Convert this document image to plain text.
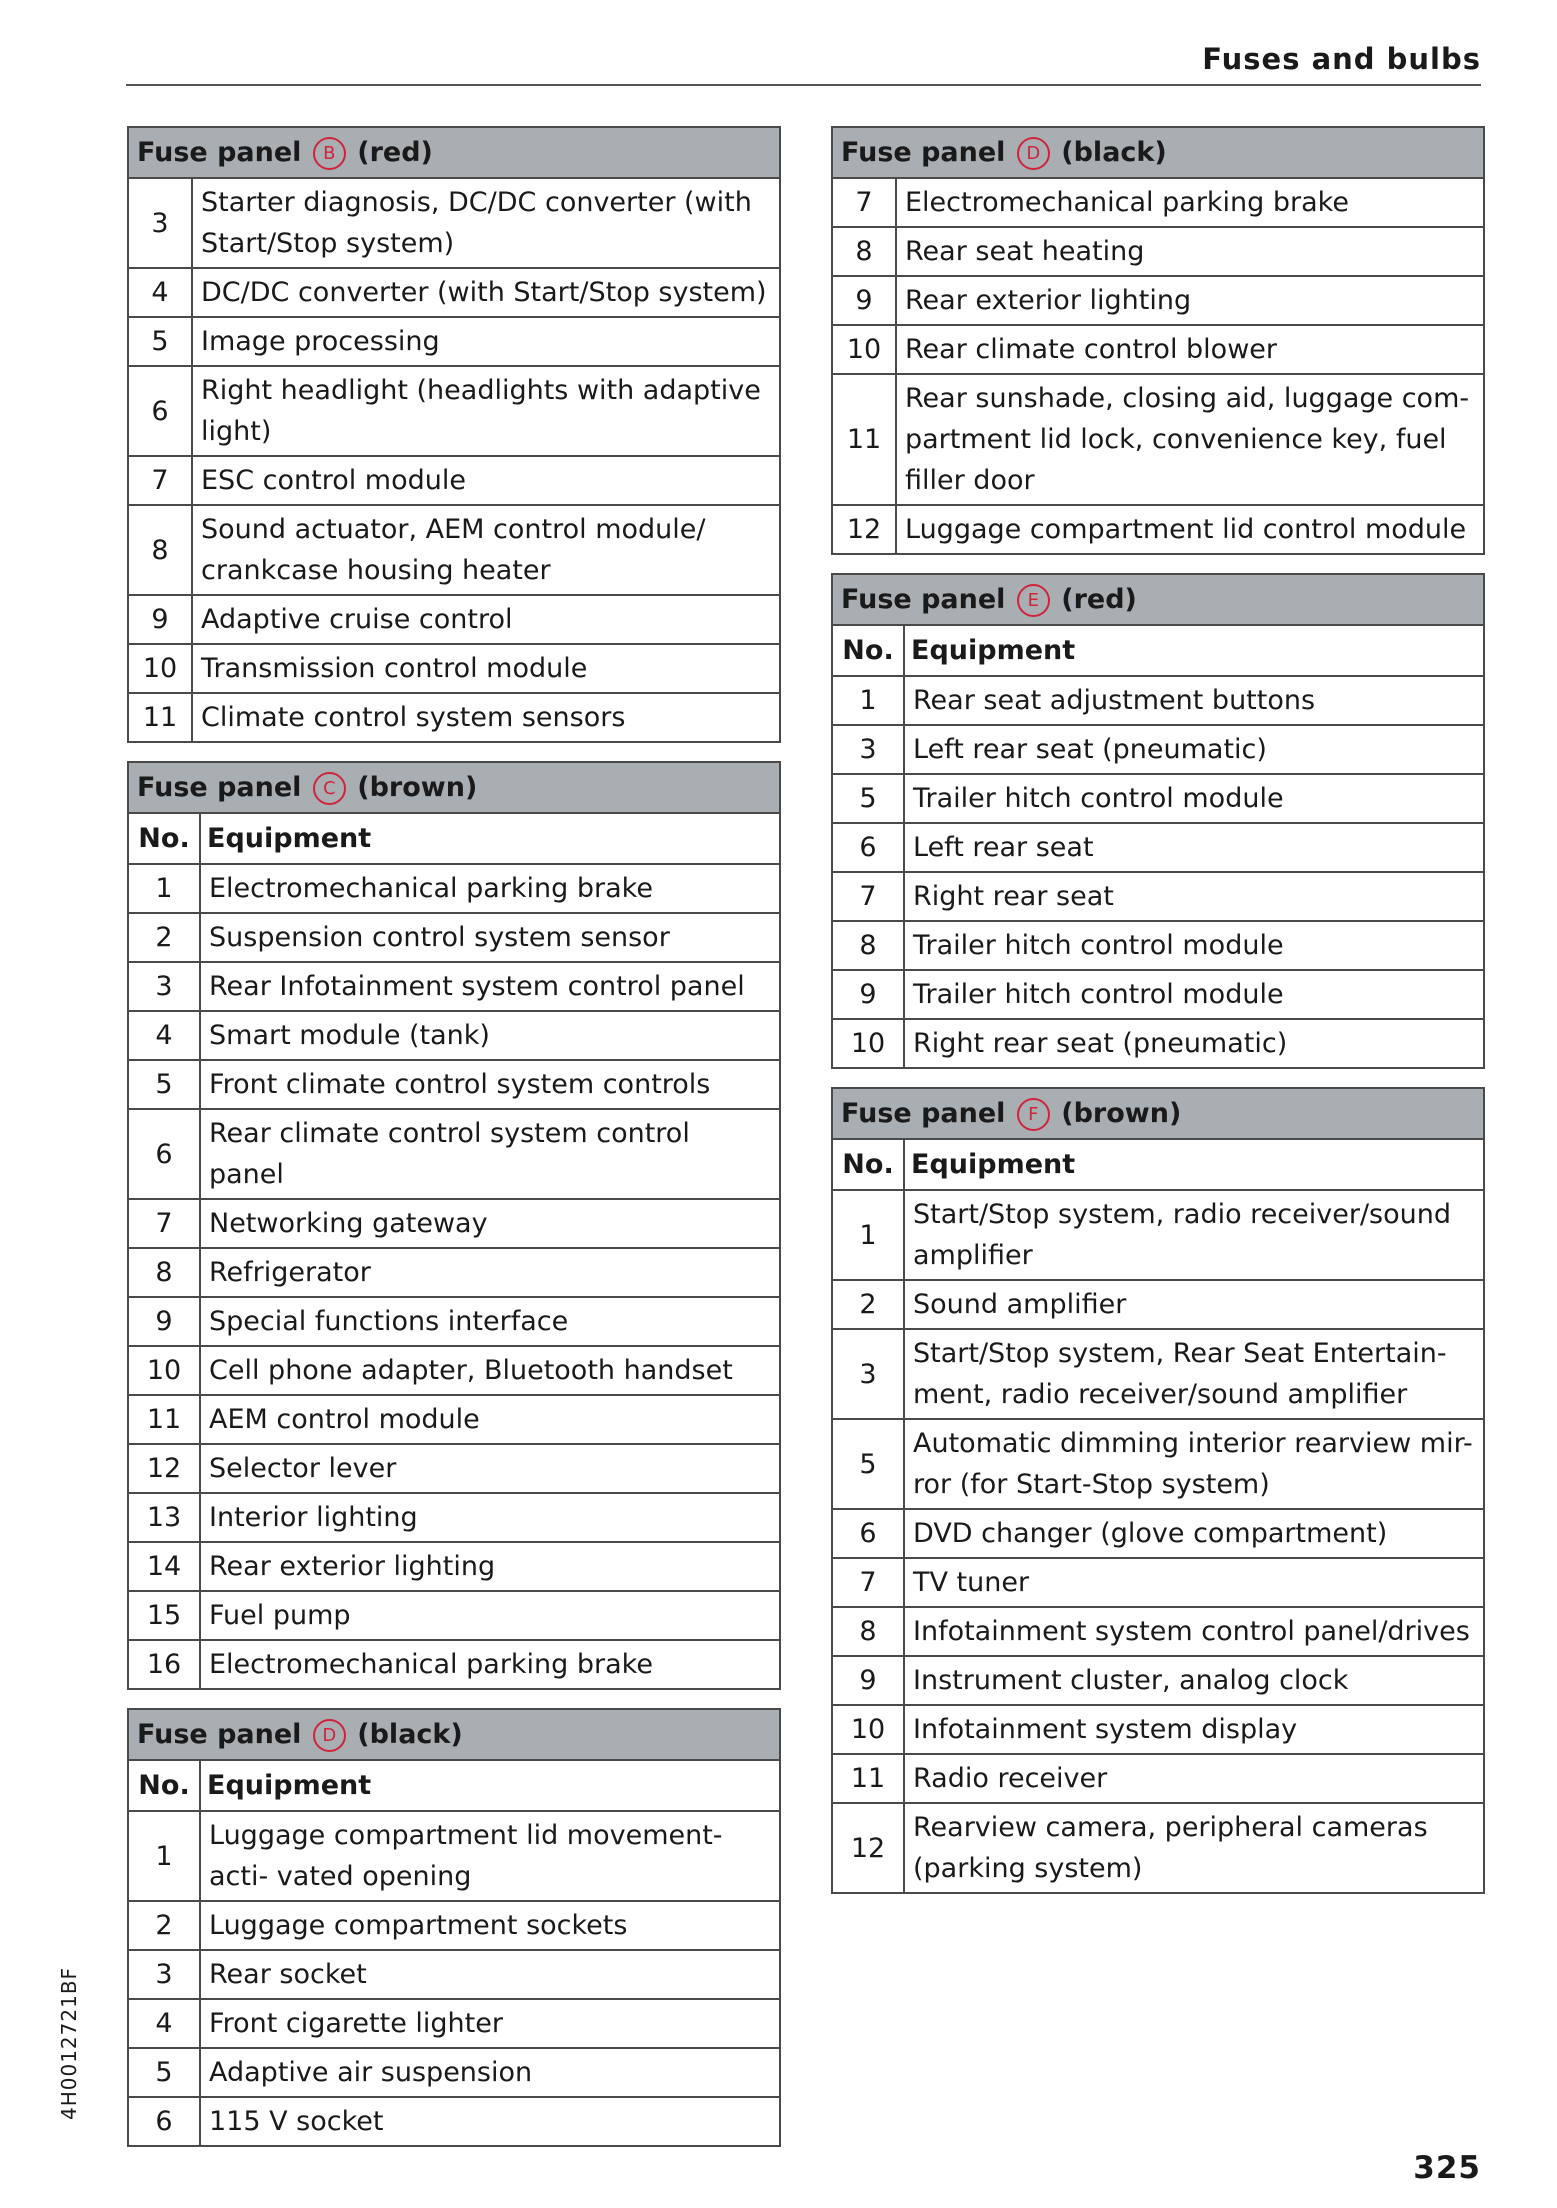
Fuses and bulbs
Fuse panel B (red)	
3	Starter diagnosis, DC/DC converter (with Start/Stop system)
4	DC/DC converter (with Start/Stop system)
5	Image processing
6	Right headlight (headlights with adaptive light)
7	ESC control module
8	Sound actuator, AEM control module/ crankcase housing heater
9	Adaptive cruise control
10	Transmission control module
11	Climate control system sensors
Fuse panel C (brown)	
No.	Equipment
1	Electromechanical parking brake
2	Suspension control system sensor
3	Rear Infotainment system control panel
4	Smart module (tank)
5	Front climate control system controls
6	Rear climate control system control panel
7	Networking gateway
8	Refrigerator
9	Special functions interface
10	Cell phone adapter, Bluetooth handset
11	AEM control module
12	Selector lever
13	Interior lighting
14	Rear exterior lighting
15	Fuel pump
16	Electromechanical parking brake
Fuse panel D (black)	
No.	Equipment
1	Luggage compartment lid movement-acti- vated opening
2	Luggage compartment sockets
3	Rear socket
4	Front cigarette lighter
5	Adaptive air suspension
6	115 V socket
Fuse panel D (black)	
7	Electromechanical parking brake
8	Rear seat heating
9	Rear exterior lighting
10	Rear climate control blower
11	Rear sunshade, closing aid, luggage com- partment lid lock, convenience key, fuel filler door
12	Luggage compartment lid control module
Fuse panel E (red)	
No.	Equipment
1	Rear seat adjustment buttons
3	Left rear seat (pneumatic)
5	Trailer hitch control module
6	Left rear seat
7	Right rear seat
8	Trailer hitch control module
9	Trailer hitch control module
10	Right rear seat (pneumatic)
Fuse panel F (brown)	
No.	Equipment
1	Start/Stop system, radio receiver/sound amplifier
2	Sound amplifier
3	Start/Stop system, Rear Seat Entertain- ment, radio receiver/sound amplifier
5	Automatic dimming interior rearview mir- ror (for Start-Stop system)
6	DVD changer (glove compartment)
7	TV tuner
8	Infotainment system control panel/drives
9	Instrument cluster, analog clock
10	Infotainment system display
11	Radio receiver
12	Rearview camera, peripheral cameras (parking system)
4H0012721BF
325
